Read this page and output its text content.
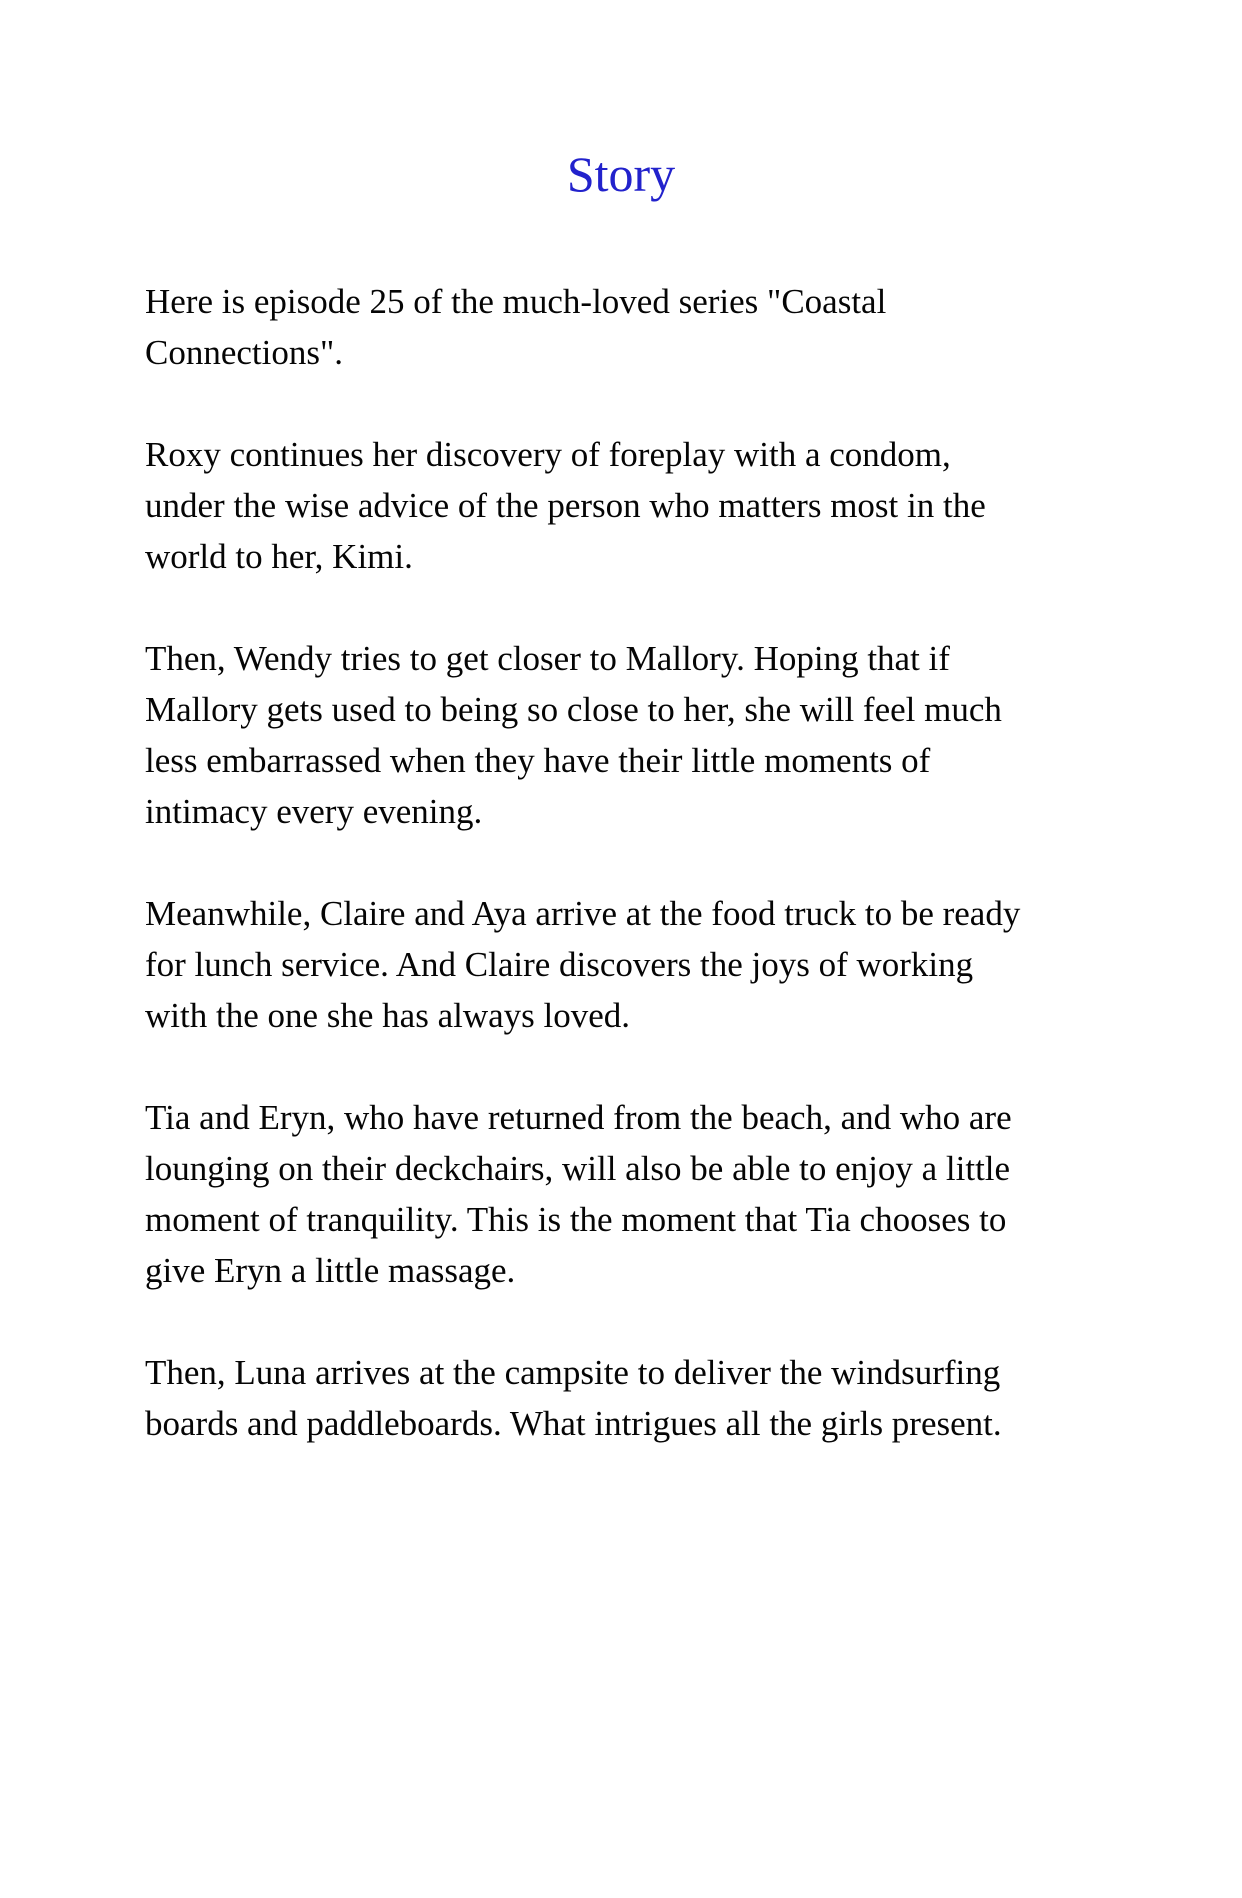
Story

Here is episode 25 of the much-loved series "Coastal
Connections".

Roxy continues her discovery of foreplay with a condom,
under the wise advice of the person who matters most in the
world to her, Kimi.

Then, Wendy tries to get closer to Mallory. Hoping that if
Mallory gets used to being so close to her, she will feel much
less embarrassed when they have their little moments of
intimacy every evening.

Meanwhile, Claire and Aya arrive at the food truck to be ready
for lunch service. And Claire discovers the joys of working
with the one she has always loved.

Tia and Eryn, who have returned from the beach, and who are
lounging on their deckchairs, will also be able to enjoy a little
moment of tranquility. This is the moment that Tia chooses to
give Eryn a little massage.

Then, Luna arrives at the campsite to deliver the windsurfing
boards and paddleboards. What intrigues all the girls present.
